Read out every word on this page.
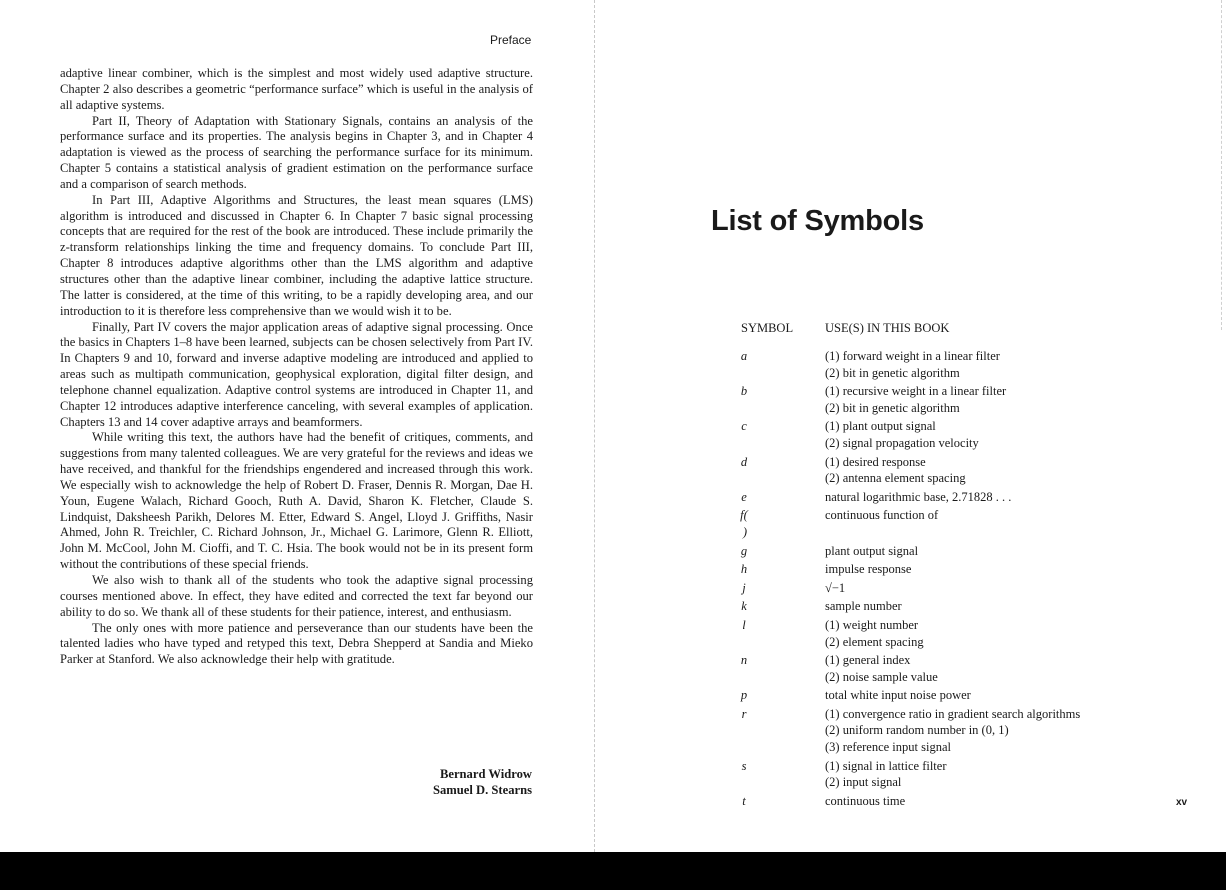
Preface

adaptive linear combiner, which is the simplest and most widely used adaptive structure. Chapter 2 also describes a geometric “performance surface” which is useful in the analysis of all adaptive systems.

Part II, Theory of Adaptation with Stationary Signals, contains an analysis of the performance surface and its properties. The analysis begins in Chapter 3, and in Chapter 4 adaptation is viewed as the process of searching the performance surface for its minimum. Chapter 5 contains a statistical analysis of gradient estimation on the performance surface and a comparison of search methods.

In Part III, Adaptive Algorithms and Structures, the least mean squares (LMS) algorithm is introduced and discussed in Chapter 6. In Chapter 7 basic signal processing concepts that are required for the rest of the book are introduced. These include primarily the z-transform relationships linking the time and frequency domains. To conclude Part III, Chapter 8 introduces adaptive algorithms other than the LMS algorithm and adaptive structures other than the adaptive linear combiner, including the adaptive lattice structure. The latter is considered, at the time of this writing, to be a rapidly developing area, and our introduction to it is therefore less comprehensive than we would wish it to be.

Finally, Part IV covers the major application areas of adaptive signal processing. Once the basics in Chapters 1–8 have been learned, subjects can be chosen selectively from Part IV. In Chapters 9 and 10, forward and inverse adaptive modeling are introduced and applied to areas such as multipath communication, geophysical exploration, digital filter design, and telephone channel equalization. Adaptive control systems are introduced in Chapter 11, and Chapter 12 introduces adaptive interference canceling, with several examples of application. Chapters 13 and 14 cover adaptive arrays and beamformers.

While writing this text, the authors have had the benefit of critiques, comments, and suggestions from many talented colleagues. We are very grateful for the reviews and ideas we have received, and thankful for the friendships engendered and increased through this work. We especially wish to acknowledge the help of Robert D. Fraser, Dennis R. Morgan, Dae H. Youn, Eugene Walach, Richard Gooch, Ruth A. David, Sharon K. Fletcher, Claude S. Lindquist, Daksheesh Parikh, Delores M. Etter, Edward S. Angel, Lloyd J. Griffiths, Nasir Ahmed, John R. Treichler, C. Richard Johnson, Jr., Michael G. Larimore, Glenn R. Elliott, John M. McCool, John M. Cioffi, and T. C. Hsia. The book would not be in its present form without the contributions of these special friends.

We also wish to thank all of the students who took the adaptive signal processing courses mentioned above. In effect, they have edited and corrected the text far beyond our ability to do so. We thank all of these students for their patience, interest, and enthusiasm.

The only ones with more patience and perseverance than our students have been the talented ladies who have typed and retyped this text, Debra Shepperd at Sandia and Mieko Parker at Stanford. We also acknowledge their help with gratitude.

Bernard Widrow
Samuel D. Stearns
List of Symbols
SYMBOL	USE(S) IN THIS BOOK
a	(1) forward weight in a linear filter
(2) bit in genetic algorithm
b	(1) recursive weight in a linear filter
(2) bit in genetic algorithm
c	(1) plant output signal
(2) signal propagation velocity
d	(1) desired response
(2) antenna element spacing
e	natural logarithmic base, 2.71828 . . .
f( )
continuous function of
g	plant output signal
h	impulse response
j	√−1
k	sample number
l	(1) weight number
(2) element spacing
n	(1) general index
(2) noise sample value
p	total white input noise power
r	(1) convergence ratio in gradient search algorithms
(2) uniform random number in (0, 1)
(3) reference input signal
s	(1) signal in lattice filter
(2) input signal
t	continuous time	xv
